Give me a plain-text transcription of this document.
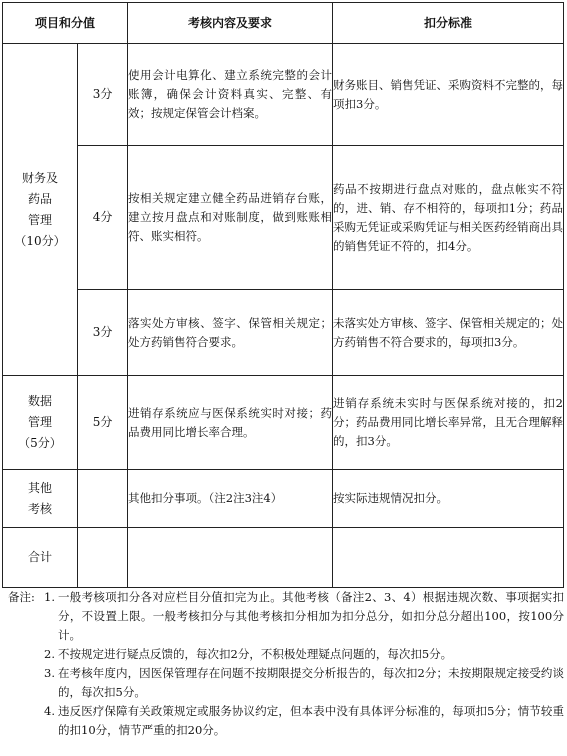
项目和分值		考核内容及要求	扣分标准

财务及
药品
管理
（10分）	3分	使用会计电算化、建立系统完整的会计账簿，确保会计资料真实、完整、有效；按规定保管会计档案。	财务账目、销售凭证、采购资料不完整的，每项扣3分。
	4分	按相关规定建立健全药品进销存台账，建立按月盘点和对账制度，做到账账相符、账实相符。	药品不按期进行盘点对账的，盘点帐实不符的，进、销、存不相符的，每项扣1分；药品采购无凭证或采购凭证与相关医药经销商出具的销售凭证不符的，扣4分。
	3分	落实处方审核、签字、保管相关规定；处方药销售符合要求。	未落实处方审核、签字、保管相关规定的；处方药销售不符合要求的，每项扣3分。

数据
管理
（5分）	5分	进销存系统应与医保系统实时对接；药品费用同比增长率合理。	进销存系统未实时与医保系统对接的，扣2分；药品费用同比增长率异常，且无合理解释的，扣3分。

其他
考核		其他扣分事项。（注2注3注4）	按实际违规情况扣分。

合计			

备注: 1. 一般考核项扣分各对应栏目分值扣完为止。其他考核（备注2、3、4）根据违规次数、事项据实扣分，不设置上限。一般考核扣分与其他考核扣分相加为扣分总分，如扣分总分超出100，按100分计。
2. 不按规定进行疑点反馈的，每次扣2分，不积极处理疑点问题的，每次扣5分。
3. 在考核年度内，因医保管理存在问题不按期限提交分析报告的，每次扣2分；未按期限规定接受约谈的，每次扣5分。
4. 违反医疗保障有关政策规定或服务协议约定，但本表中没有具体评分标准的，每项扣5分；情节较重的扣10分，情节严重的扣20分。
